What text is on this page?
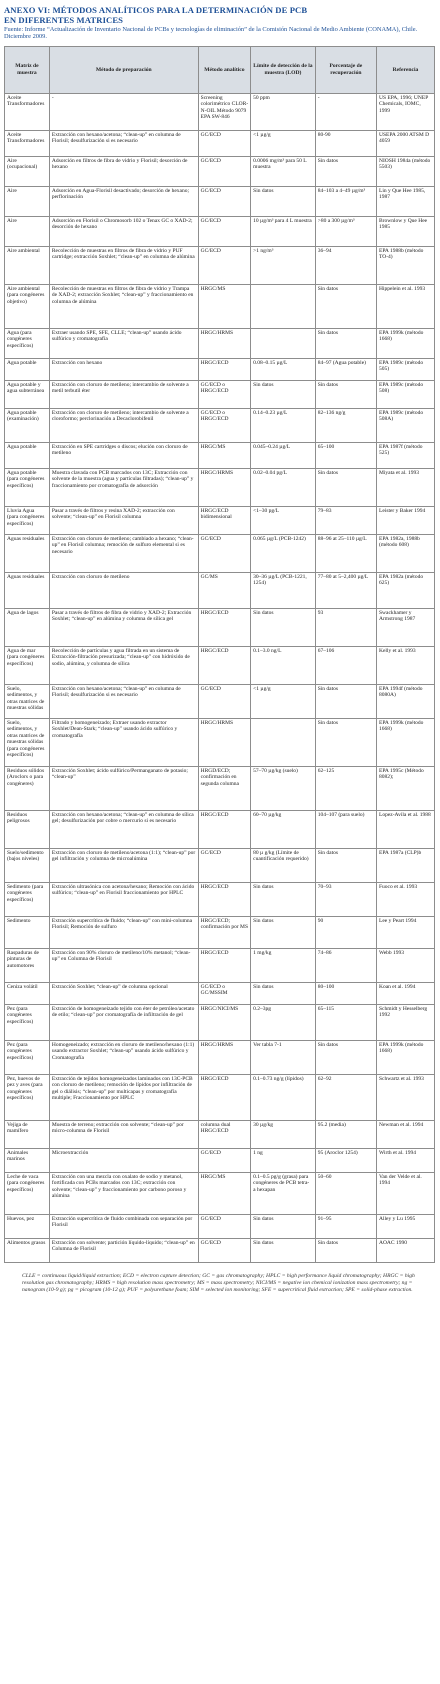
ANEXO VI: MÉTODOS ANALÍTICOS PARA LA DETERMINACIÓN DE PCB
EN DIFERENTES MATRICES
Fuente: Informe “Actualización de Inventario Nacional de PCBs y tecnologías de eliminación” de la Comisión Nacional de Medio Ambiente (CONAMA), Chile. Diciembre 2009.
Matriz de muestra	Método de preparación	Método analítico	Límite de detección de la muestra (LOD)	Porcentaje de recuperación	Referencia
Aceite Transformadores	-	Screening colorimétrico CLOR-N-OIL Método 9079 EPA SW-846	50 ppm	-	US EPA, 1996; UNEP Chemicals, IOMC, 1999
Aceite Transformadores	Extracción con hexano/acetona; “clean-up” en columna de Florisil; desulfurización si es necesario	GC/ECD	<1 µg/g	80-90	USEPA 2000 ATSM D 4059
Aire (ocupacional)	Adsorción en filtros de fibra de vidrio y Florisil; desorción de hexano	GC/ECD	0.0006 mg/m³ para 50 L muestra	Sin datos	NIOSH 1984a (método 5503)
Aire	Adsorción en Agua-Florisil desactivado; desorción de hexano; perflorinación	GC/ECD	Sin datos	84–103 a 4–49 µg/m³	Lin y Que Hee 1985, 1987
Aire	Adsorción en Florisil o Chromosorb 102 o Tenax GC o XAD-2; desorción de hexano	GC/ECD	10 µg/m³ para 4 L muestra	>80 a 300 µg/m³	Brownlow y Que Hee 1985
Aire ambiental	Recolección de muestras en filtros de fibra de vidrio y PUF cartridge; extracción Soxhlet; “clean-up” en columna de alúmina	GC/ECD	>1 ng/m³	36–94	EPA 1988b (método TO-4)
Aire ambiental (para congéneres objetivo)	Recolección de muestras en filtros de fibra de vidrio y Trampa de XAD-2; extracción Soxhlet; “clean-up” y fraccionamiento en columna de alúmina	HRGC/MS		Sin datos	Hippelein et al. 1993
Agua (para congéneres específicos)	Extraer usando SPE, SFE, CLLE; “clean-up” usando ácido sulfúrico y cromatografía	HRGC/HRMS		Sin datos	EPA 1999k (método 1668)
Agua potable	Extracción con hexano	HRGC/ECD	0.08–0.15 µg/L	84–97 (Agua potable)	EPA 1989c (método 505)
Agua potable y agua subterránea	Extracción con cloruro de metileno; intercambio de solvente a metil terbutil éter	GC/ECD o HRGC/ECD	Sin datos	Sin datos	EPA 1989c (método 508)
Agua potable (examinación)	Extracción con cloruro de metileno; intercambio de solvente a cloroformo; perclorinación a Decaclorobifenil	GC/ECD o HRGC/ECD	0.14–0.23 µg/L	82–136 ng/g	EPA 1989c (método 508A)
Agua potable	Extracción en SPE cartridges o discos; elución con cloruro de metileno	HRGC/MS	0.045–0.24 µg/L	65–100	EPA 1987f (método 525)
Agua potable (para congéneres específicos)	Muestra clavada con PCB marcados con 13C; Extracción con solvente de la muestra (agua y partículas filtradas); “clean-up” y fraccionamiento por cromatografía de adsorción	HRGC/HRMS	0.02–0.04 pg/L	Sin datos	Miyata et al. 1993
Lluvia Agua (para congéneres específicos)	Pasar a través de filtros y resina XAD-2; extracción con solvente; “clean-up” en Florisil columna	HRGC/ECD bidimensional	<1–30 pg/L	79–83	Leister y Baker 1994
Aguas residuales	Extracción con cloruro de metileno; cambiado a hexano; “clean-up” en Florisil columna; remoción de sulfuro elemental si es necesario	GC/ECD	0.065 µg/L (PCB-1242)	88–96 at 25–110 µg/L	EPA 1982a, 1988b (método 608)
Aguas residuales	Extracción con cloruro de metileno	GC/MS	30–36 µg/L (PCB-1221, 1254)	77–80 at 5–2,400 µg/L	EPA 1982a (método 625)
Agua de lagos	Pasar a través de filtros de fibra de vidrio y XAD-2; Extracción Soxhlet; “clean-up” en alúmina y columna de sílica gel	HRGC/ECD	Sin datos	93	Swackhamer y Armstrong 1987
Agua de mar (para congéneres específicos)	Recolección de partículas y agua filtrada en un sistema de Extracción-filtración presurizada; “clean-up” con hidróxido de sodio, alúmina, y columna de sílica	HRGC/ECD	0.1–3.0 ng/L	67–106	Kelly et al. 1993
Suelo, sedimentos, y otras matrices de muestras sólidas	Extracción con hexano/acetona; “clean-up” en columna de Florisil; desulfurización si es necesario	GC/ECD	<1 µg/g	Sin datos	EPA 1994f (método 8080A)
Suelo, sedimentos, y otras matrices de muestras sólidas (para congéneres específicos)	Filtrado y homogeneizado; Extraer usando extractor Soxhlet/Dean-Stark; “clean-up” usando ácido sulfúrico y cromatografía	HRGC/HRMS		Sin datos	EPA 1999k (método 1668)
Residuos sólidos (Aroclors o para congéneres)	Extracción Soxhlet; ácido sulfúrico/Permanganato de potasio; “clean-up”	HRGD/ECD; confirmación en segunda columna	57–70 µg/kg (suelo)	62–125	EPA 1995c (Método 8082);
Residuos peligrosos	Extracción con hexano/acetona; “clean-up” en columna de sílica gel; desulfurización por cobre o mercurio si es necesario	HRGC/ECD	60–70 µg/kg	104–107 (para suelo)	Lopez-Avila et al. 1988
Suelo/sedimento (bajos niveles)	Extracción con cloruro de metileno/acetona (1:1); “clean-up” por gel infiltración y columna de microalúmina	GC/ECD	80 µ g/kg (Límite de cuantificación requerido)	Sin datos	EPA 1987a (CLP)b
Sedimento (para congéneres específicos)	Extracción ultrasónica con acetona/hexano; Remoción con ácido sulfúrico; “clean-up” en Florisil fraccionamiento por HPLC	HRGC/ECD	Sin datos	70–93	Fuoco et al. 1993
Sedimento	Extracción supercrítica de fluido; “clean-up” con mini-columna Florisil; Remoción de sulfuro	HRGC/ECD; confirmación por MS	Sin datos	90	Lee y Peart 1994
Raspaduras de pinturas de automotores	Extracción con 90% cloruro de metileno/10% metanol; “clean-up” en Columna de Florisil	HRGC/ECD	1 mg/kg	74–86	Webb 1993
Ceniza volátil	Extracción Soxhlet; “clean-up” de columna opcional	GC/ECD o GC/MSSIM	Sin datos	80–100	Koan et al. 1994
Pez (para congéneres específicos)	Extracción de homogeneizado tejido con éter de petróleo/acetato de etilo; “clean-up” por cromatografía de infiltración de gel	HRGC/NICI/MS	0.2–3pg	65–115	Schmidt y Hesselberg 1992
Pez (para congéneres específicos)	Homogeneizado; extracción en cloruro de metileno/hexano (1:1) usando extractor Soxhlet; “clean-up” usando ácido sulfúrico y Cromatografía	HRGC/HRMS	Ver tabla 7-1	Sin datos	EPA 1999k (método 1668)
Pez, huevos de pez y aves (para congéneres específicos)	Extracción de tejidos homogeneizados laminados con 13C-PCB con cloruro de metileno; remoción de lípidos por infiltración de gel o diálisis; “clean-up” por multicapas y cromatografía multiple; Fraccionamiento por HPLC	HRGC/ECD	0.1–0.73 ng/g (lípidos)	62–92	Schwartz et al. 1993
Vejiga de mamífero	Muestra de terreno; extracción con solvente; “clean-up” por micro-columna de Florisil	columna dual HRGC/ECD	30 µg/kg	95.2 (media)	Newman et al. 1994
Animales marinos	Microextracción	GC/ECD	1 ng	95 (Aroclor 1254)	Wirth et al. 1994
Leche de vaca (para congéneres específicos)	Extracción con una mezcla con oxalato de sodio y metanol, fortificada con PCBs marcados con 13C; extracción con solvente; “clean-up” y fraccionamiento por carbono poroso y alúmina	HRGC/MS	0.1–0.5 pg/g (grasa) para congéneres de PCB tetra- a hexapan	50–60	Van der Velde et al. 1994
Huevos, pez	Extracción supercrítica de fluido combinada con separación por Florisil	GC/ECD	Sin datos	91–95	Alley y Lu 1995
Alimentos grasos	Extracción con solvente; partición líquido-líquido; “clean-up” en Columna de Florisil	GC/ECD	Sin datos	Sin datos	AOAC 1990
CLLE = continuous liquid/liquid extraction; ECD = electron capture detection; GC = gas chromatography; HPLC = high performance liquid chromatography; HRGC = high resolution gas chromatography; HRMS = high resolution mass spectrometry; MS = mass spectrometry; NICI/MS = negative ion chemical ionization mass spectrometry; ng = nanogram (10-9 g); pg = picogram (10-12 g); PUF = polyurethane foam; SIM = selected ion monitoring; SFE = supercritical fluid extraction; SPE = solid-phase extraction.
